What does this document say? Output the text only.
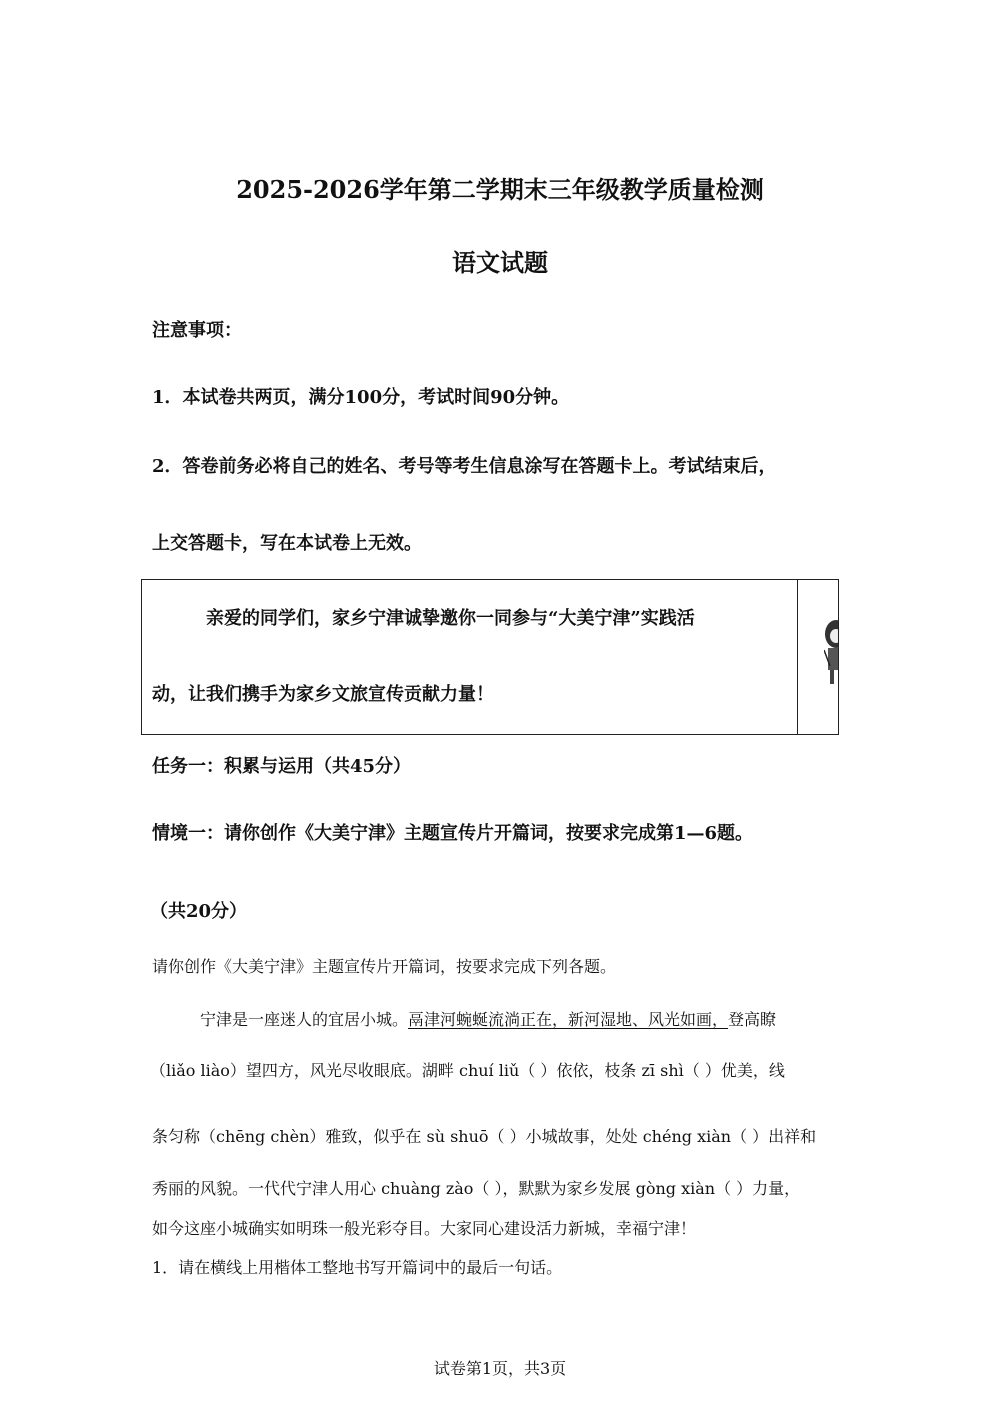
2025-2026学年第二学期末三年级教学质量检测
语文试题
注意事项：
1．本试卷共两页，满分100分，考试时间90分钟。
2．答卷前务必将自己的姓名、考号等考生信息涂写在答题卡上。考试结束后，
上交答题卡，写在本试卷上无效。
亲爱的同学们，家乡宁津诚挚邀你一同参与“大美宁津”实践活
动，让我们携手为家乡文旅宣传贡献力量！
任务一：积累与运用（共45分）
情境一：请你创作《大美宁津》主题宣传片开篇词，按要求完成第1—6题。
（共20分）
请你创作《大美宁津》主题宣传片开篇词，按要求完成下列各题。
宁津是一座迷人的宜居小城。鬲津河蜿蜒流淌正在，新河湿地、风光如画，登高瞭
（liǎo liào）望四方，风光尽收眼底。湖畔 chuí liǔ（ ）依依，枝条 zī shì（ ）优美，线
条匀称（chēng chèn）雅致，似乎在 sù shuō（ ）小城故事，处处 chéng xiàn（ ）出祥和
秀丽的风貌。一代代宁津人用心 chuàng zào（ ），默默为家乡发展 gòng xiàn（ ）力量，
如今这座小城确实如明珠一般光彩夺目。大家同心建设活力新城，幸福宁津！
1．请在横线上用楷体工整地书写开篇词中的最后一句话。
试卷第1页，共3页
